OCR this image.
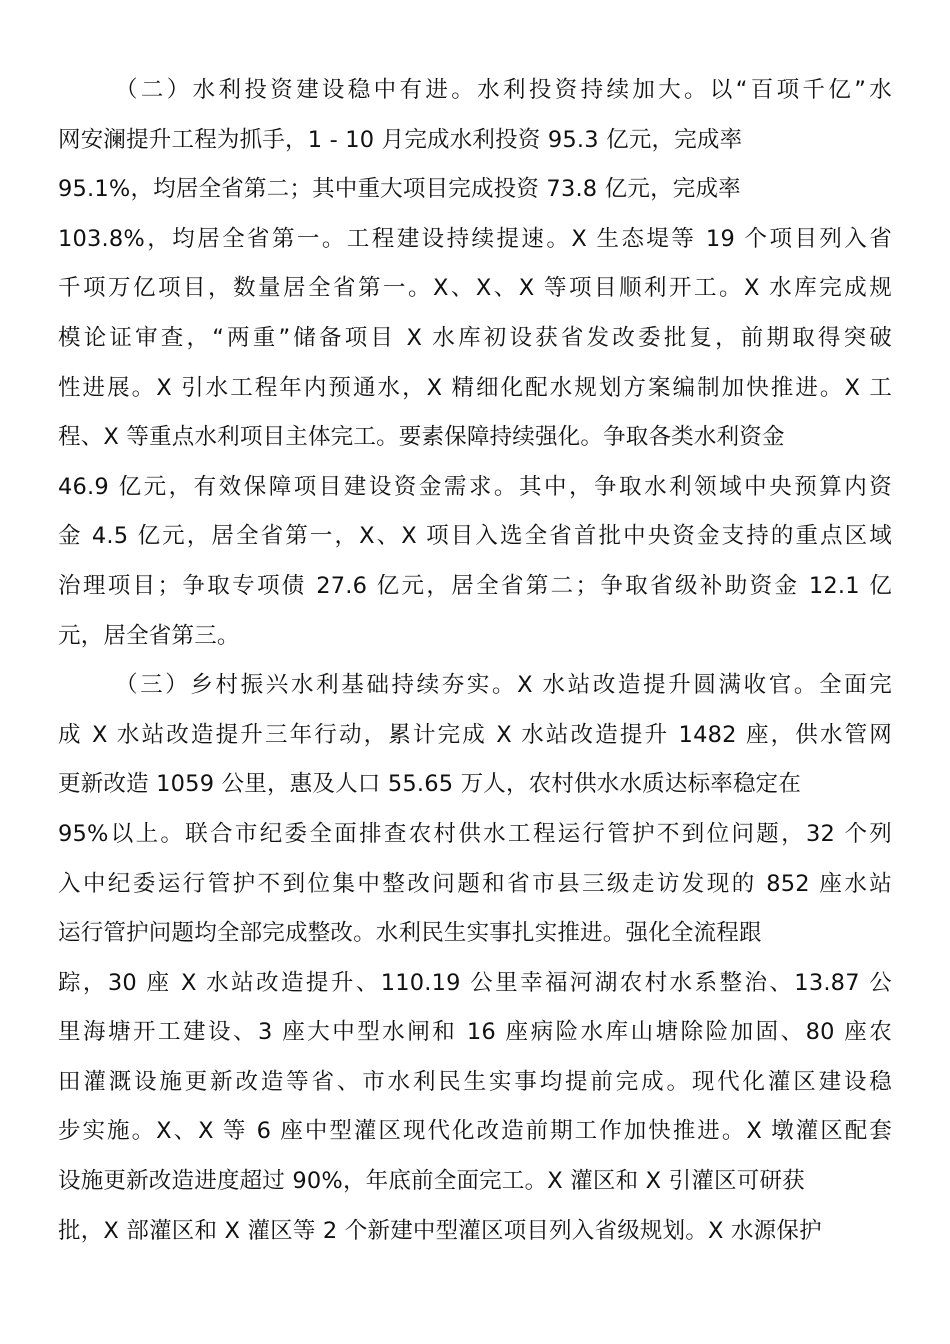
（二）水利投资建设稳中有进。水利投资持续加大。以“百项千亿”水
网安澜提升工程为抓手，1 - 10 月完成水利投资 95.3 亿元，完成率
95.1%，均居全省第二；其中重大项目完成投资 73.8 亿元，完成率
103.8%，均居全省第一。工程建设持续提速。X 生态堤等 19 个项目列入省
千项万亿项目，数量居全省第一。X、X、X 等项目顺利开工。X 水库完成规
模论证审查，“两重”储备项目 X 水库初设获省发改委批复，前期取得突破
性进展。X 引水工程年内预通水，X 精细化配水规划方案编制加快推进。X 工
程、X 等重点水利项目主体完工。要素保障持续强化。争取各类水利资金
46.9 亿元，有效保障项目建设资金需求。其中，争取水利领域中央预算内资
金 4.5 亿元，居全省第一，X、X 项目入选全省首批中央资金支持的重点区域
治理项目；争取专项债 27.6 亿元，居全省第二；争取省级补助资金 12.1 亿
元，居全省第三。
（三）乡村振兴水利基础持续夯实。X 水站改造提升圆满收官。全面完
成 X 水站改造提升三年行动，累计完成 X 水站改造提升 1482 座，供水管网
更新改造 1059 公里，惠及人口 55.65 万人，农村供水水质达标率稳定在
95%以上。联合市纪委全面排查农村供水工程运行管护不到位问题，32 个列
入中纪委运行管护不到位集中整改问题和省市县三级走访发现的 852 座水站
运行管护问题均全部完成整改。水利民生实事扎实推进。强化全流程跟
踪，30 座 X 水站改造提升、110.19 公里幸福河湖农村水系整治、13.87 公
里海塘开工建设、3 座大中型水闸和 16 座病险水库山塘除险加固、80 座农
田灌溉设施更新改造等省、市水利民生实事均提前完成。现代化灌区建设稳
步实施。X、X 等 6 座中型灌区现代化改造前期工作加快推进。X 墩灌区配套
设施更新改造进度超过 90%，年底前全面完工。X 灌区和 X 引灌区可研获
批，X 部灌区和 X 灌区等 2 个新建中型灌区项目列入省级规划。X 水源保护
